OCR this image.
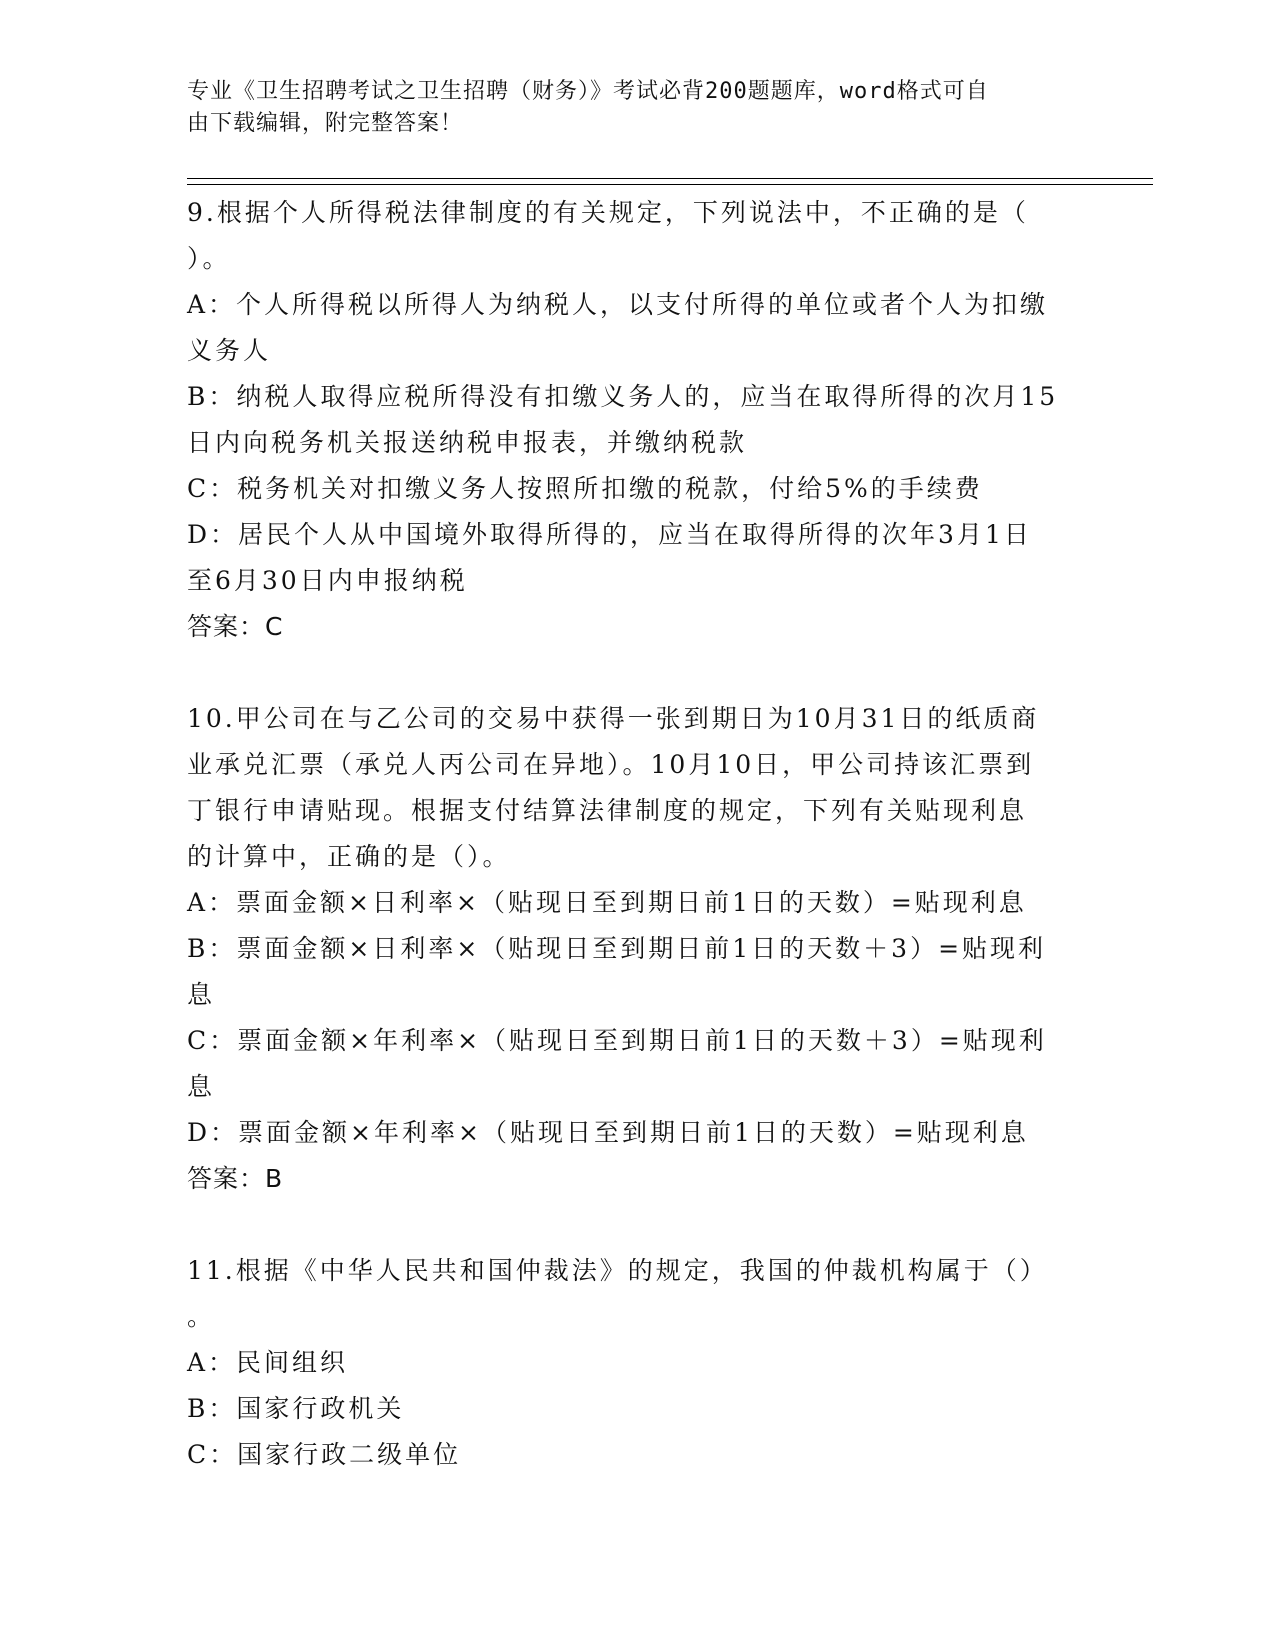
专业《卫生招聘考试之卫生招聘（财务）》考试必背200题题库，word格式可自
由下载编辑，附完整答案！

9.根据个人所得税法律制度的有关规定，下列说法中，不正确的是（

）。

A：个人所得税以所得人为纳税人，以支付所得的单位或者个人为扣缴

义务人

B：纳税人取得应税所得没有扣缴义务人的，应当在取得所得的次月15

日内向税务机关报送纳税申报表，并缴纳税款

C：税务机关对扣缴义务人按照所扣缴的税款，付给5%的手续费

D：居民个人从中国境外取得所得的，应当在取得所得的次年3月1日

至6月30日内申报纳税

答案：C

10.甲公司在与乙公司的交易中获得一张到期日为10月31日的纸质商

业承兑汇票（承兑人丙公司在异地）。10月10日，甲公司持该汇票到

丁银行申请贴现。根据支付结算法律制度的规定，下列有关贴现利息

的计算中，正确的是（）。

A：票面金额×日利率×（贴现日至到期日前1日的天数）=贴现利息

B：票面金额×日利率×（贴现日至到期日前1日的天数＋3）=贴现利

息

C：票面金额×年利率×（贴现日至到期日前1日的天数＋3）=贴现利

息

D：票面金额×年利率×（贴现日至到期日前1日的天数）=贴现利息

答案：B

11.根据《中华人民共和国仲裁法》的规定，我国的仲裁机构属于（）

。

A：民间组织

B：国家行政机关

C：国家行政二级单位
